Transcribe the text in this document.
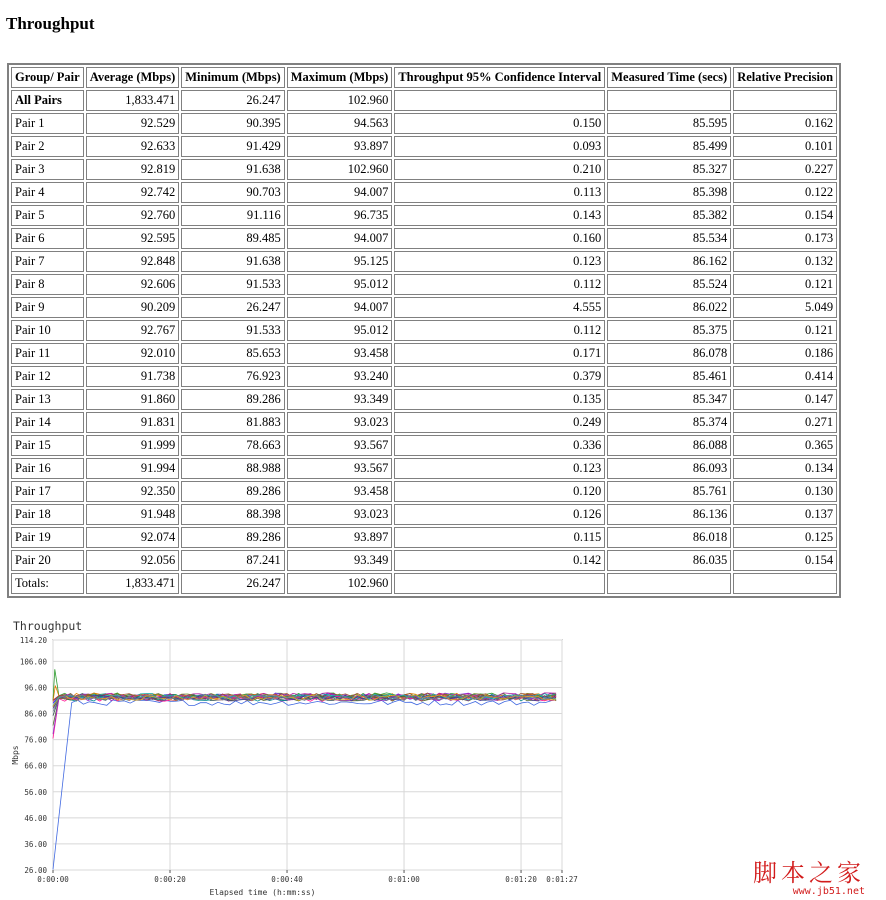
Throughput
Group/ Pair	Average (Mbps)	Minimum (Mbps)	Maximum (Mbps)	Throughput 95% Confidence Interval	Measured Time (secs)	Relative Precision
All Pairs	1,833.471	26.247	102.960			
Pair 1	92.529	90.395	94.563	0.150	85.595	0.162
Pair 2	92.633	91.429	93.897	0.093	85.499	0.101
Pair 3	92.819	91.638	102.960	0.210	85.327	0.227
Pair 4	92.742	90.703	94.007	0.113	85.398	0.122
Pair 5	92.760	91.116	96.735	0.143	85.382	0.154
Pair 6	92.595	89.485	94.007	0.160	85.534	0.173
Pair 7	92.848	91.638	95.125	0.123	86.162	0.132
Pair 8	92.606	91.533	95.012	0.112	85.524	0.121
Pair 9	90.209	26.247	94.007	4.555	86.022	5.049
Pair 10	92.767	91.533	95.012	0.112	85.375	0.121
Pair 11	92.010	85.653	93.458	0.171	86.078	0.186
Pair 12	91.738	76.923	93.240	0.379	85.461	0.414
Pair 13	91.860	89.286	93.349	0.135	85.347	0.147
Pair 14	91.831	81.883	93.023	0.249	85.374	0.271
Pair 15	91.999	78.663	93.567	0.336	86.088	0.365
Pair 16	91.994	88.988	93.567	0.123	86.093	0.134
Pair 17	92.350	89.286	93.458	0.120	85.761	0.130
Pair 18	91.948	88.398	93.023	0.126	86.136	0.137
Pair 19	92.074	89.286	93.897	0.115	86.018	0.125
Pair 20	92.056	87.241	93.349	0.142	86.035	0.154
Totals:	1,833.471	26.247	102.960			
Throughput
114.20
106.00
96.00
86.00
76.00
66.00
56.00
46.00
36.00
26.00
0:00:00	0:00:20	0:00:40	0:01:00	0:01:20 0:01:27
Elapsed time (h:mm:ss)
Mbps
脚本之家
www.jb51.net
